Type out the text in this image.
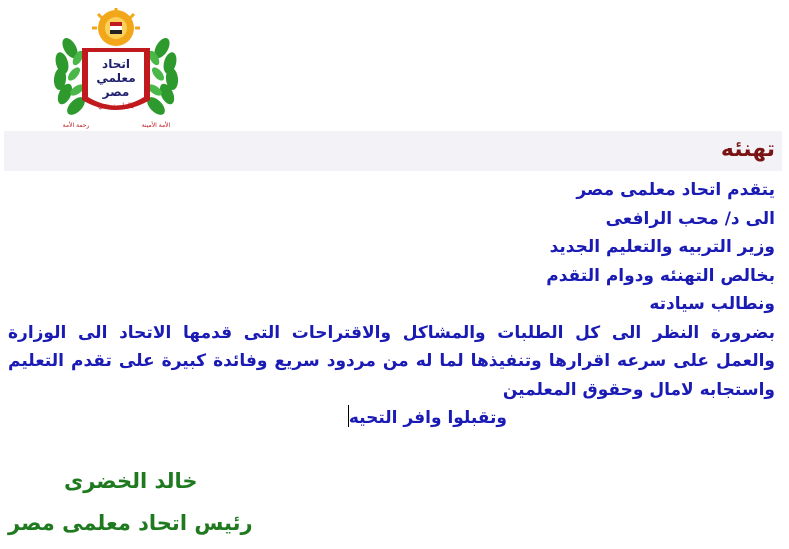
اتحاد
معلمي
مصر
بالعلم نرتقي
رحمة الأمة	الأمة الأمينة
تهنئه
يتقدم اتحاد معلمى مصر
الى د/ محب الرافعى
وزير التربيه والتعليم الجديد
بخالص التهنئه ودوام التقدم
ونطالب سيادته
بضرورة النظر الى كل الطلبات والمشاكل والاقتراحات التى قدمها الاتحاد الى الوزارة والعمل على سرعه اقرارها وتنفيذها لما له من مردود سريع وفائدة كبيرة على تقدم التعليم واستجابه لامال وحقوق المعلمين
وتقبلوا وافر التحيه
خالد الخضرى
رئيس اتحاد معلمى مصر
